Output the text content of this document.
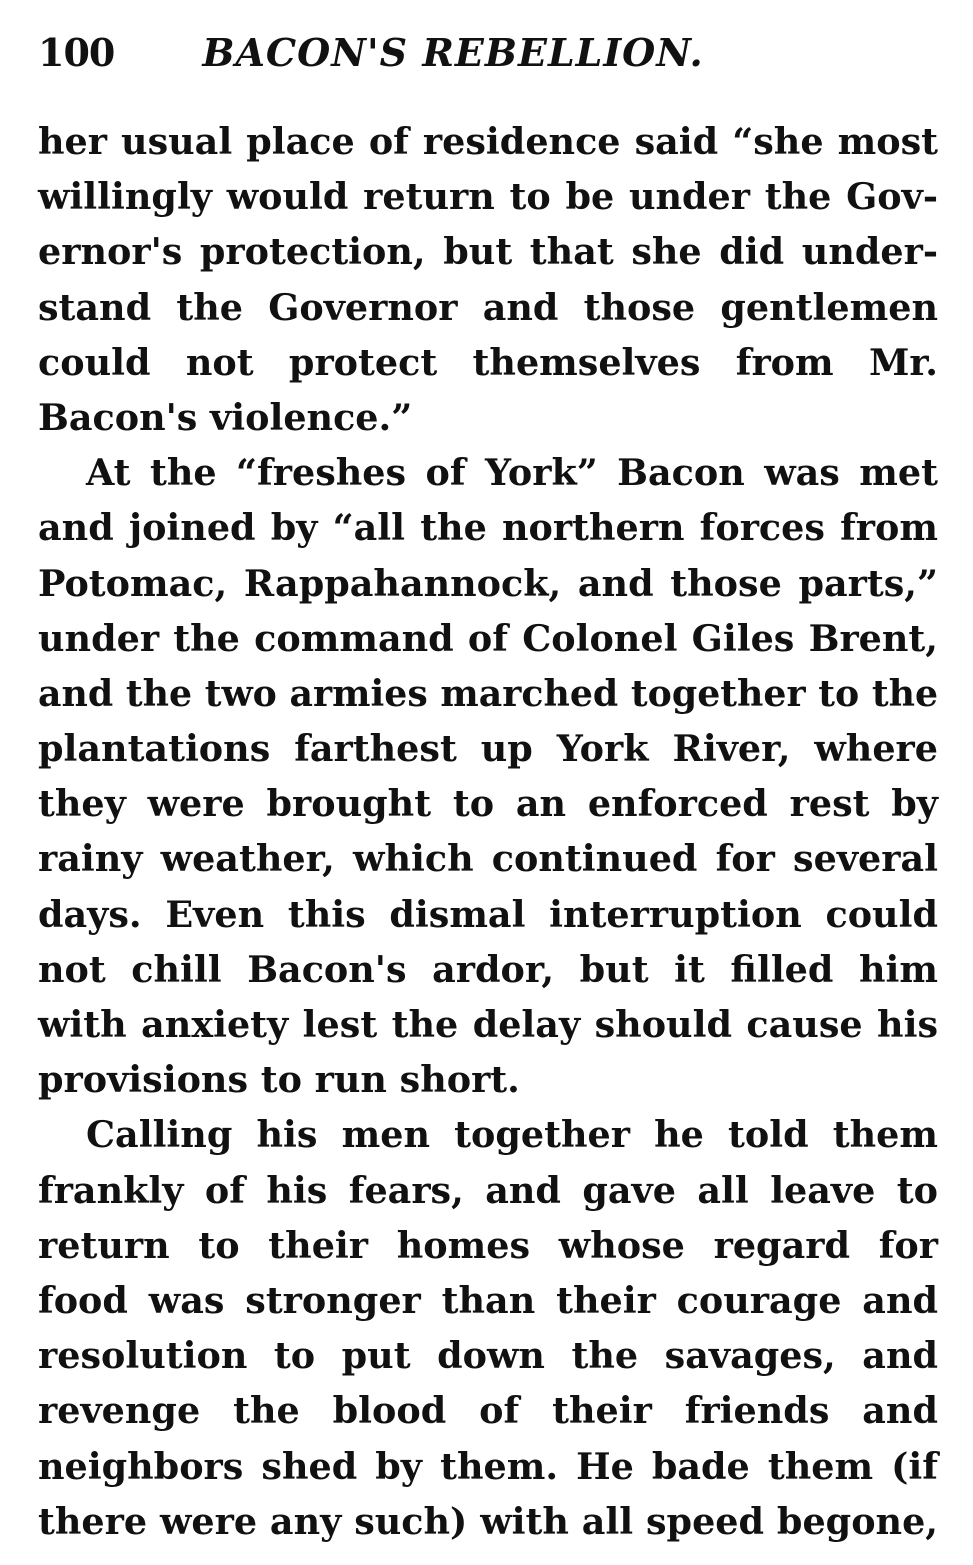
100 BACON'S REBELLION.
her usual place of residence said “she most
willingly would return to be under the Gov-
ernor's protection, but that she did under-
stand the Governor and those gentlemen
could not protect themselves from Mr.
Bacon's violence.”
At the “freshes of York” Bacon was met
and joined by “all the northern forces from
Potomac, Rappahannock, and those parts,”
under the command of Colonel Giles Brent,
and the two armies marched together to the
plantations farthest up York River, where
they were brought to an enforced rest by
rainy weather, which continued for several
days. Even this dismal interruption could
not chill Bacon's ardor, but it filled him
with anxiety lest the delay should cause his
provisions to run short.
Calling his men together he told them
frankly of his fears, and gave all leave to
return to their homes whose regard for
food was stronger than their courage and
resolution to put down the savages, and
revenge the blood of their friends and
neighbors shed by them. He bade them (if
there were any such) with all speed begone,
